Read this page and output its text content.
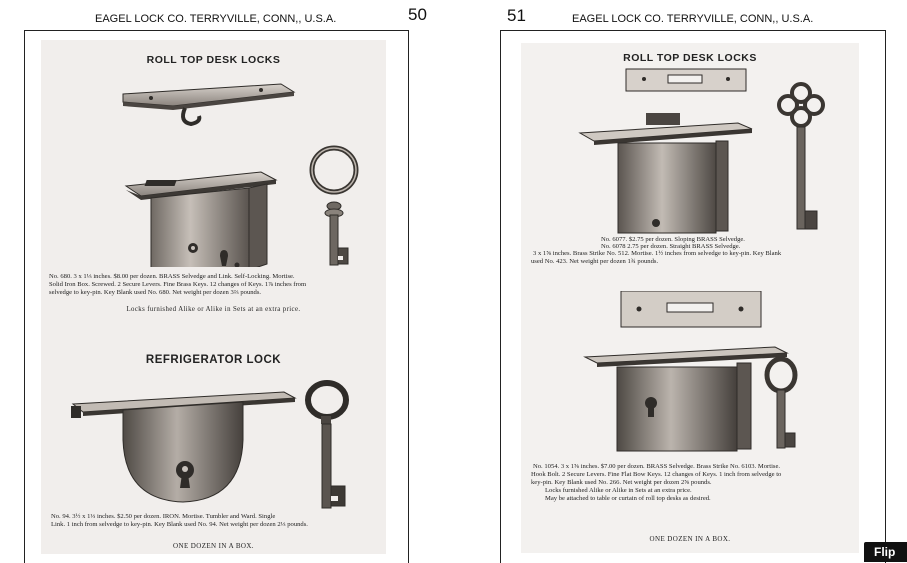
EAGEL LOCK CO. TERRYVILLE, CONN,, U.S.A.	50	51	EAGEL LOCK CO. TERRYVILLE, CONN,, U.S.A.
ROLL TOP DESK LOCKS
No. 680. 3 x 1⅓ inches. $8.00 per dozen. BRASS Selvedge and Link. Self-Locking. Mortise.
Solid Iron Box. Screwed. 2 Secure Levers. Fine Brass Keys. 12 changes of Keys. 1⅞ inches from
selvedge to key-pin. Key Blank used No. 680. Net weight per dozen 3⅔ pounds.
Locks furnished Alike or Alike in Sets at an extra price.
REFRIGERATOR LOCK
No. 94. 3½ x 1⅓ inches. $2.50 per dozen. IRON. Mortise. Tumbler and Ward. Single
Link. 1 inch from selvedge to key-pin. Key Blank used No. 94. Net weight per dozen 2⅓ pounds.
ONE DOZEN IN A BOX.
ROLL TOP DESK LOCKS
No. 6077. $2.75 per dozen. Sloping BRASS Selvedge.
No. 6078 2.75 per dozen. Straight BRASS Selvedge.
3 x 1⅝ inches. Brass Strike No. 512. Mortise. 1½ inches from selvedge to key-pin. Key Blank
used No. 423. Net weight per dozen 1¾ pounds.
No. 1054. 3 x 1⅝ inches. $7.00 per dozen. BRASS Selvedge. Brass Strike No. 6103. Mortise.
Hook Bolt. 2 Secure Levers. Fine Flat Bow Keys. 12 changes of Keys. 1 inch from selvedge to
key-pin. Key Blank used No. 266. Net weight per dozen 2⅝ pounds.
Locks furnished Alike or Alike in Sets at an extra price.
May be attached to table or curtain of roll top desks as desired.
ONE DOZEN IN A BOX.
Flip
